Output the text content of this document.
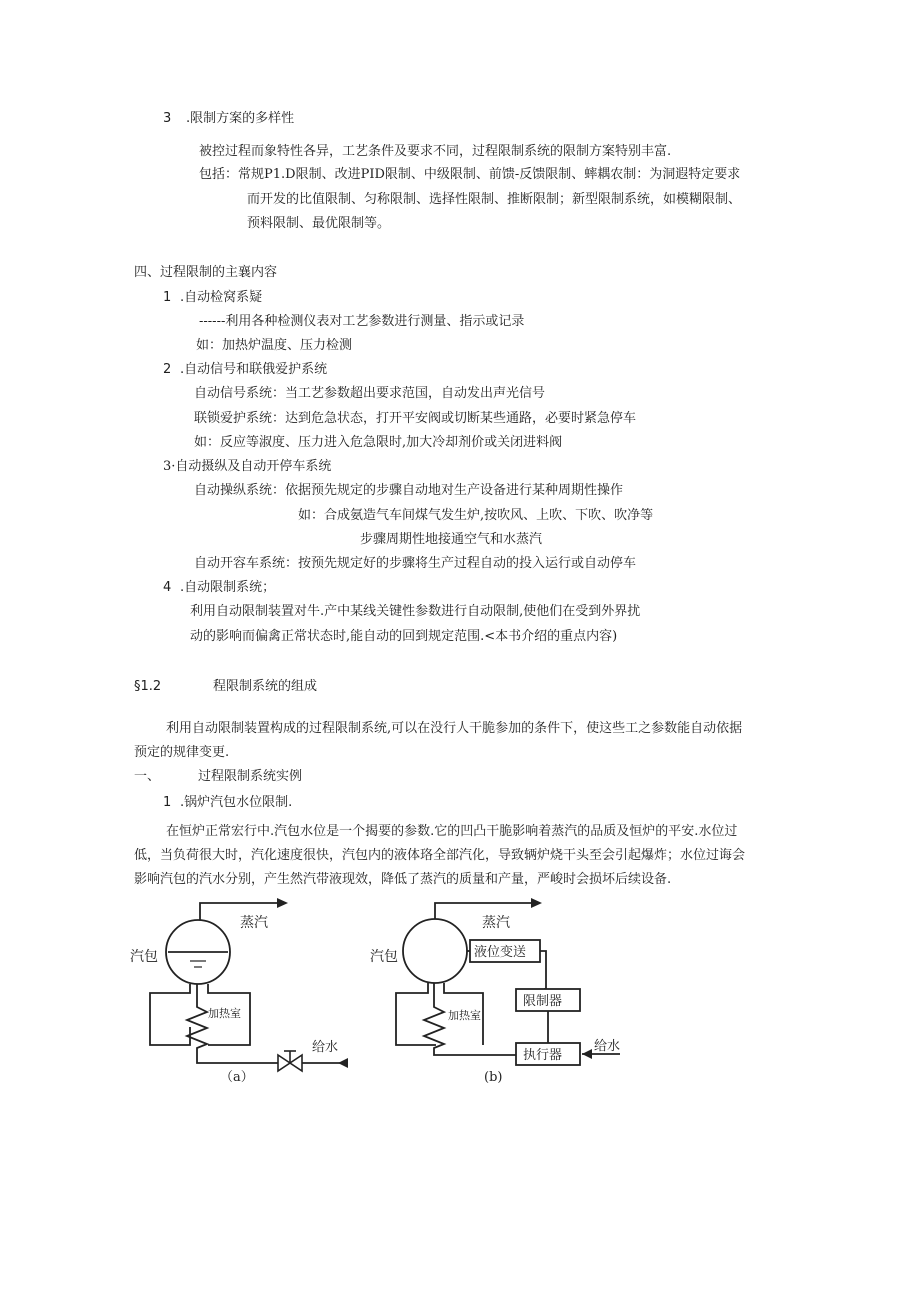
3 .限制方案的多样性
被控过程而象特性各异，工艺条件及要求不同，过程限制系统的限制方案特别丰富.
包括：常规P1.D限制、改进PID限制、中级限制、前馈-反馈限制、蟀耦农制：为洞遐特定要求
而开发的比值限制、匀称限制、选择性限制、推断限制；新型限制系统，如模糊限制、
预料限制、最优限制等。
四、过程限制的主襄内容
1 .自动检窝系疑
------利用各种检测仪表对工艺参数进行测量、指示或记录
如：加热炉温度、压力检测
2 .自动信号和联俄爱护系统
自动信号系统：当工艺参数超出要求范国，自动发出声光信号
联锁爱护系统：达到危急状态，打开平安阀或切断某些通路，必要时紧急停车
如：反应等淑度、压力进入危急限时,加大冷却剂价或关闭进料阀
3·自动摄纵及自动开停车系统
自动操纵系统：依据预先规定的步骤自动地对生产设备进行某种周期性操作
如：合成氨造气车间煤气发生炉,按吹风、上吹、下吹、吹净等
步骤周期性地接通空气和水蒸汽
自动开容车系统：按预先规定好的步骤将生产过程自动的投入运行或自动停车
4 .自动限制系统；
利用自动限制装置对牛.产中某线关键性参数进行自动限制,使他们在受到外界扰
动的影响而偏禽正常状态时,能自动的回到规定范围.<本书介绍的重点内容)
§1.2	程限制系统的组成
利用自动限制装置构成的过程限制系统,可以在没行人干脆参加的条件下，使这些工之参数能自动依据
预定的规律变更.
一、	过程限制系统实例
1 .锅炉汽包水位限制.
在恒炉正常宏行中.汽包水位是一个揭要的参数.它的凹凸干脆影响着蒸汽的品质及恒炉的平安.水位过
低，当负荷很大时，汽化速度很快，汽包内的液体珞全部汽化，导致辆炉烧干头至会引起爆炸；水位过诲会
影响汽包的汽水分别，产生然汽带液现效，降低了蒸汽的质量和产量，严峻时会损坏后续设备.
蒸汽
汽包
加热室
给水
（a）
蒸汽
汽包	液位变送
加热室
限制器
执行器
给水
(b)
